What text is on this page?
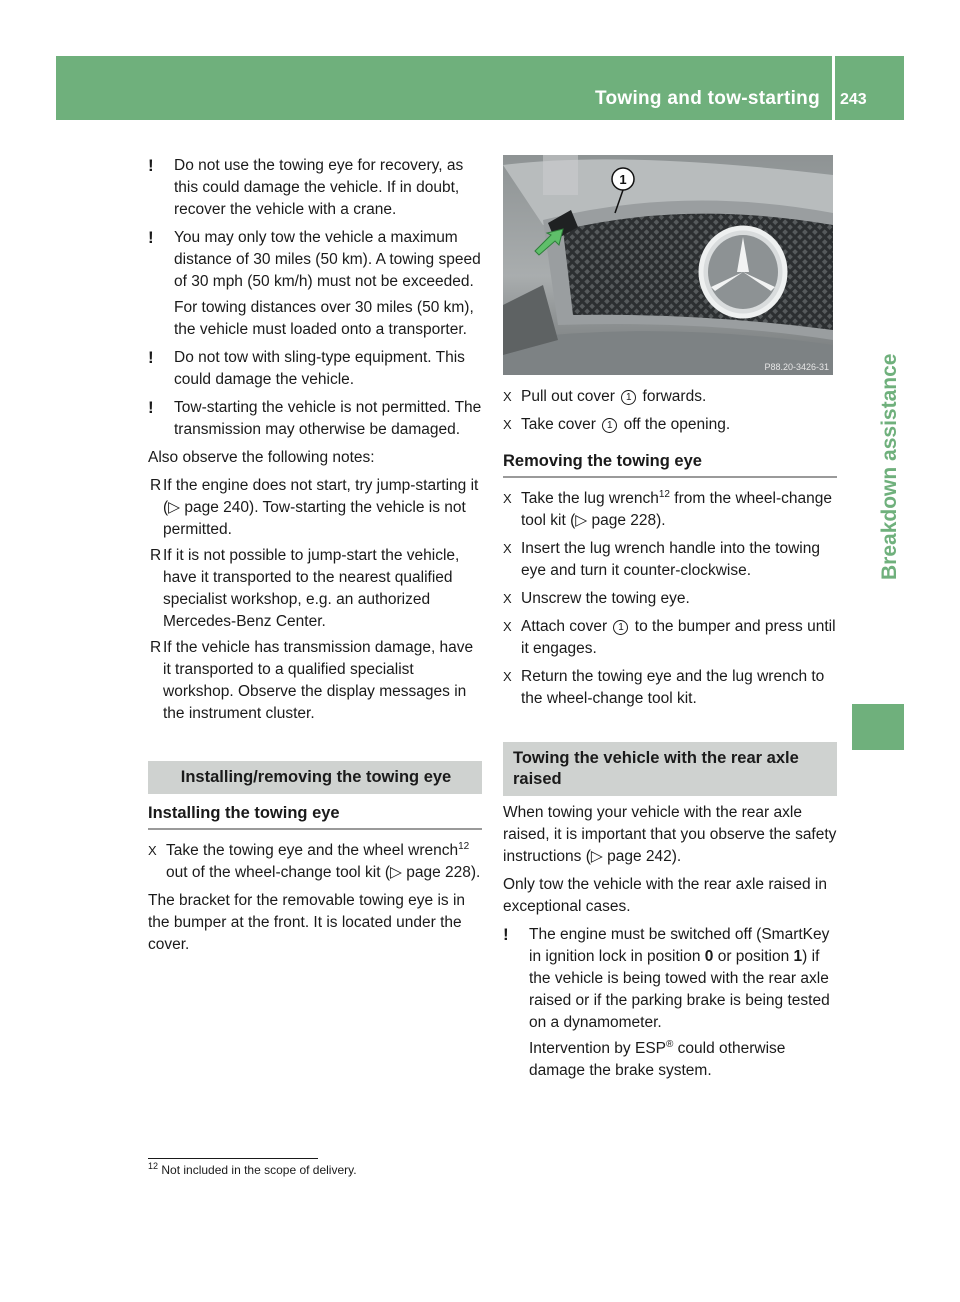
Towing and tow-starting 243
Breakdown assistance
! Do not use the towing eye for recovery, as this could damage the vehicle. If in doubt, recover the vehicle with a crane.

! You may only tow the vehicle a maximum distance of 30 miles (50 km). A towing speed of 30 mph (50 km/h) must not be exceeded.

For towing distances over 30 miles (50 km), the vehicle must loaded onto a transporter.

! Do not tow with sling-type equipment. This could damage the vehicle.

! Tow-starting the vehicle is not permitted. The transmission may otherwise be damaged.

Also observe the following notes:

R If the engine does not start, try jump-starting it (▷ page 240). Tow-starting the vehicle is not permitted.

R If it is not possible to jump-start the vehicle, have it transported to the nearest qualified specialist workshop, e.g. an authorized Mercedes-Benz Center.

R If the vehicle has transmission damage, have it transported to a qualified specialist workshop. Observe the display messages in the instrument cluster.

Installing/removing the towing eye
Installing the towing eye
X Take the towing eye and the wheel wrench$^{12}$ out of the wheel-change tool kit (▷ page 228).

The bracket for the removable towing eye is in the bumper at the front. It is located under the cover.

1
P88.20-3426-31
X Pull out cover 1 forwards.

X Take cover 1 off the opening.

Removing the towing eye
X Take the lug wrench$^{12}$ from the wheel-change tool kit (▷ page 228).

X Insert the lug wrench handle into the towing eye and turn it counter-clockwise.

X Unscrew the towing eye.

X Attach cover 1 to the bumper and press until it engages.

X Return the towing eye and the lug wrench to the wheel-change tool kit.

Towing the vehicle with the rear axle raised

When towing your vehicle with the rear axle raised, it is important that you observe the safety instructions (▷ page 242).

Only tow the vehicle with the rear axle raised in exceptional cases.

! The engine must be switched off (SmartKey in ignition lock in position 0 or position 1) if the vehicle is being towed with the rear axle raised or if the parking brake is being tested on a dynamometer.

Intervention by ESP® could otherwise damage the brake system.

$^{12}$ Not included in the scope of delivery.
